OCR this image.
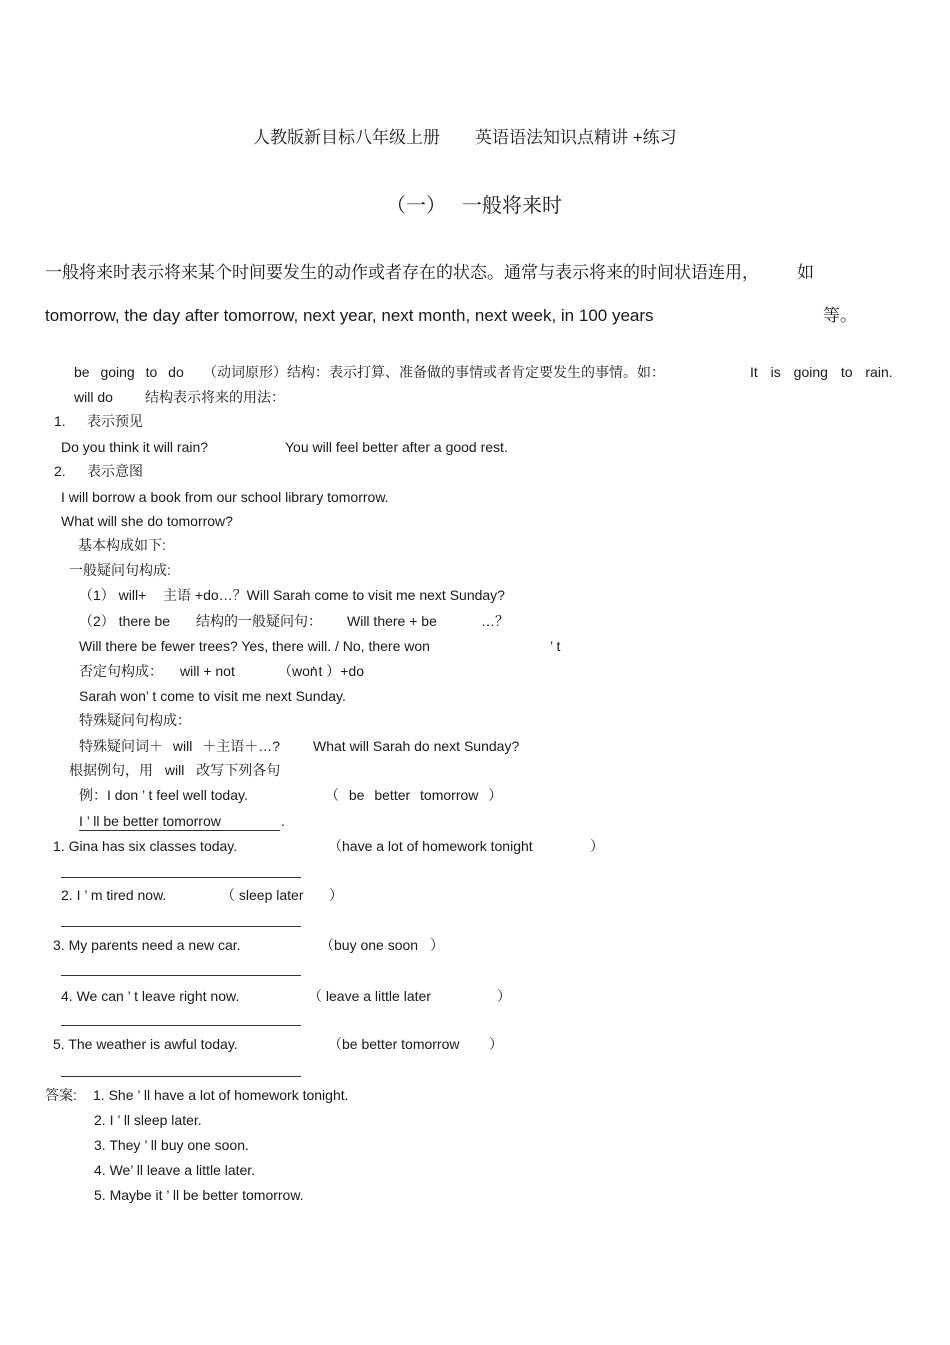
人教版新目标八年级上册 英语语法知识点精讲 +练习
（一） 一般将来时
一般将来时表示将来某个时间要发生的动作或者存在的状态。通常与表示将来的时间状语连用， 如
tomorrow, the day after tomorrow, next year, next month, next week, in 100 years	等。
be going to do （动词原形）结构：表示打算、准备做的事情或者肯定要发生的事情。如：	It is going to rain.
will do 结构表示将来的用法：
1. 表示预见
Do you think it will rain?	You will feel better after a good rest.
2. 表示意图
I will borrow a book from our school library tomorrow.
What will she do tomorrow?
基本构成如下:
一般疑问句构成:
（1） will+ 主语 +do…？Will Sarah come to visit me next Sunday?
（2） there be 结构的一般疑问句： Will there + be	…？
Will there be fewer trees? Yes, there will. / No, there won	’ t
否定句构成： will + not	（won
’ t ）+do
Sarah won’ t come to visit me next Sunday.
特殊疑问句构成：
特殊疑问词＋ will ＋主语＋…? What will Sarah do next Sunday?
根据例句，用 will 改写下列各句
例：I don ’ t feel well today.	（ be better tomorrow ）
I ’ ll be better tomorrow	.
1. Gina has six classes today.	（have a lot of homework tonight	）
2. I ’ m tired now.	（ sleep later ）
3. My parents need a new car.	（buy one soon ）
4. We can ’ t leave right now.	（ leave a little later	）
5. The weather is awful today.	（be better tomorrow ）
答案: 1. She ’ ll have a lot of homework tonight.
2. I ’ ll sleep later.
3. They ’ ll buy one soon.
4. We’ ll leave a little later.
5. Maybe it ’ ll be better tomorrow.
